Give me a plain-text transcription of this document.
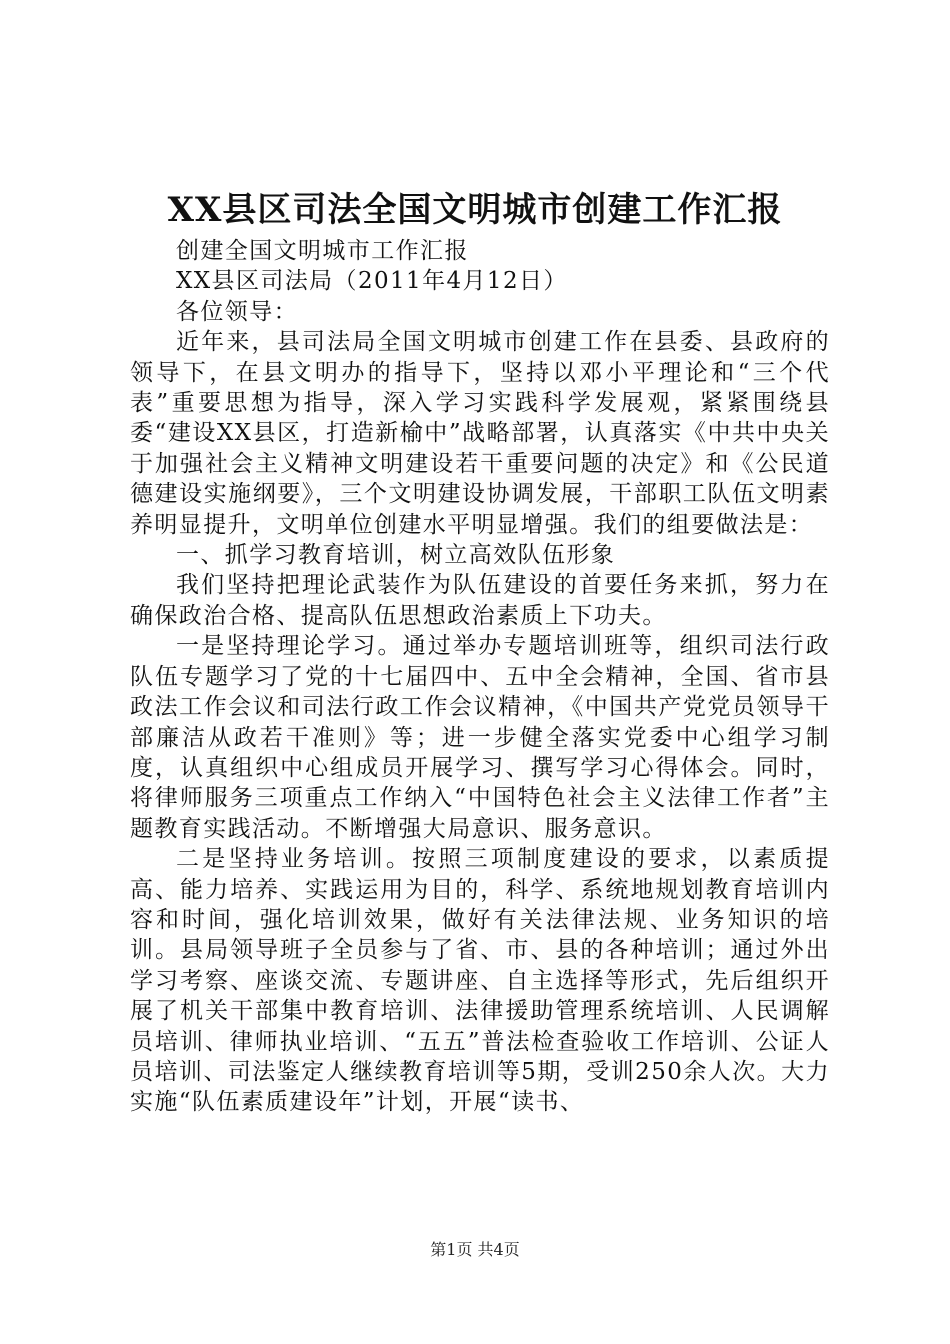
XX县区司法全国文明城市创建工作汇报

创建全国文明城市工作汇报

XX县区司法局（2011年4月12日）

各位领导：

近年来，县司法局全国文明城市创建工作在县委、县政府的领导下，在县文明办的指导下，坚持以邓小平理论和“三个代表”重要思想为指导，深入学习实践科学发展观，紧紧围绕县委“建设XX县区，打造新榆中”战略部署，认真落实《中共中央关于加强社会主义精神文明建设若干重要问题的决定》和《公民道德建设实施纲要》，三个文明建设协调发展，干部职工队伍文明素养明显提升，文明单位创建水平明显增强。我们的组要做法是：

一、抓学习教育培训，树立高效队伍形象

我们坚持把理论武装作为队伍建设的首要任务来抓，努力在确保政治合格、提高队伍思想政治素质上下功夫。

一是坚持理论学习。通过举办专题培训班等，组织司法行政队伍专题学习了党的十七届四中、五中全会精神，全国、省市县政法工作会议和司法行政工作会议精神，《中国共产党党员领导干部廉洁从政若干准则》等；进一步健全落实党委中心组学习制度，认真组织中心组成员开展学习、撰写学习心得体会。同时，将律师服务三项重点工作纳入“中国特色社会主义法律工作者”主题教育实践活动。不断增强大局意识、服务意识。

二是坚持业务培训。按照三项制度建设的要求，以素质提高、能力培养、实践运用为目的，科学、系统地规划教育培训内容和时间，强化培训效果，做好有关法律法规、业务知识的培训。县局领导班子全员参与了省、市、县的各种培训；通过外出学习考察、座谈交流、专题讲座、自主选择等形式，先后组织开展了机关干部集中教育培训、法律援助管理系统培训、人民调解员培训、律师执业培训、“五五”普法检查验收工作培训、公证人员培训、司法鉴定人继续教育培训等5期，受训250余人次。大力实施“队伍素质建设年”计划，开展“读书、

第1页 共4页
